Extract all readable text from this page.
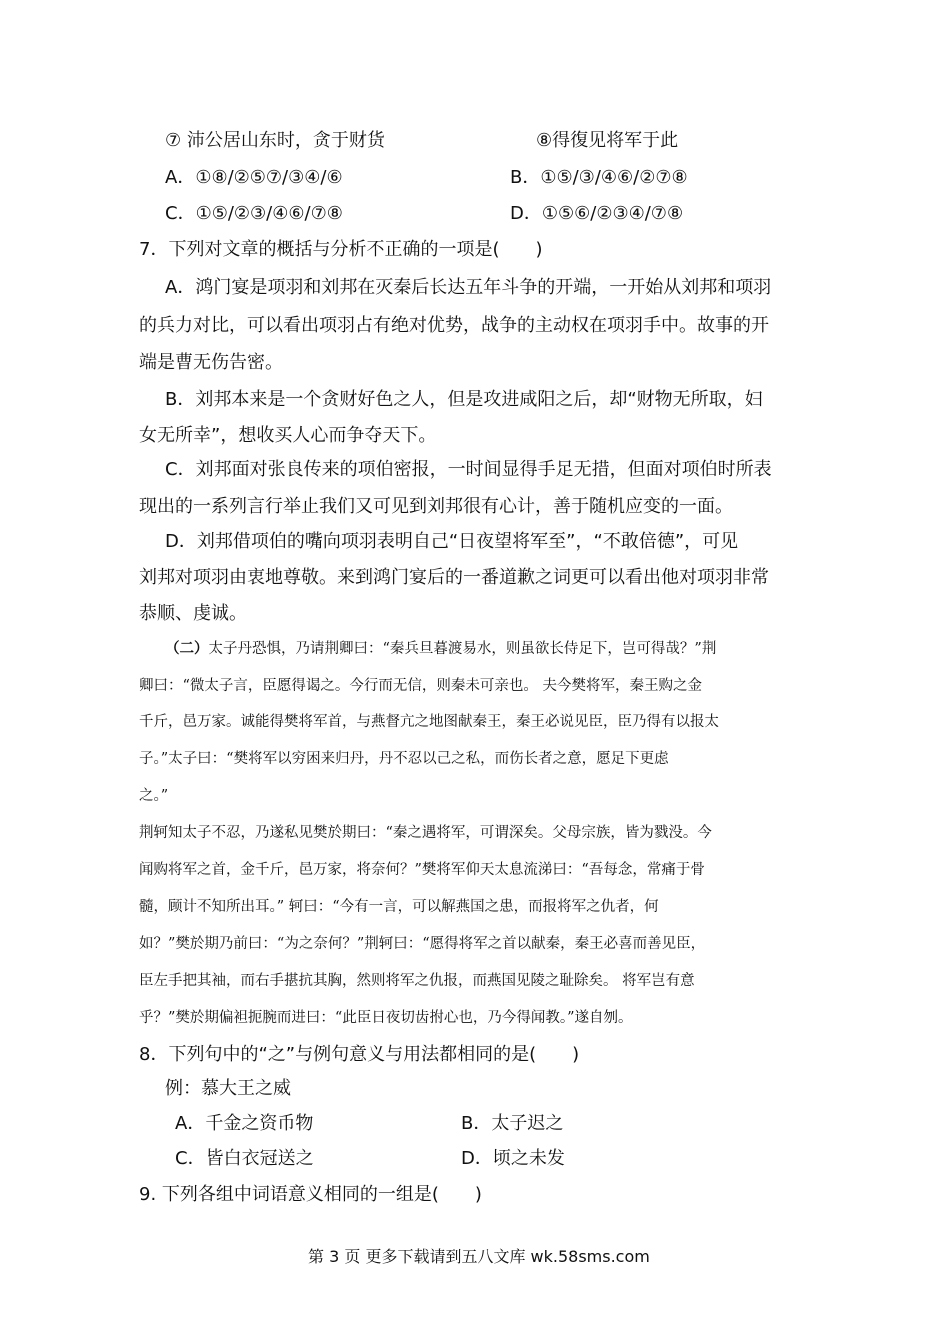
⑦ 沛公居山东时，贪于财货	⑧得復见将军于此
A．①⑧/②⑤⑦/③④/⑥	B．①⑤/③/④⑥/②⑦⑧
C．①⑤/②③/④⑥/⑦⑧	D．①⑤⑥/②③④/⑦⑧
7．下列对文章的概括与分析不正确的一项是(　　)
A．鸿门宴是项羽和刘邦在灭秦后长达五年斗争的开端，一开始从刘邦和项羽
的兵力对比，可以看出项羽占有绝对优势，战争的主动权在项羽手中。故事的开
端是曹无伤告密。
B．刘邦本来是一个贪财好色之人，但是攻进咸阳之后，却“财物无所取，妇
女无所幸”，想收买人心而争夺天下。
C．刘邦面对张良传来的项伯密报，一时间显得手足无措，但面对项伯时所表
现出的一系列言行举止我们又可见到刘邦很有心计，善于随机应变的一面。
D．刘邦借项伯的嘴向项羽表明自己“日夜望将军至”，“不敢倍德”，可见
刘邦对项羽由衷地尊敬。来到鸿门宴后的一番道歉之词更可以看出他对项羽非常
恭顺、虔诚。
（二）太子丹恐惧，乃请荆卿曰：“秦兵旦暮渡易水，则虽欲长侍足下，岂可得哉？”荆
卿曰：“微太子言，臣愿得谒之。今行而无信，则秦未可亲也。 夫今樊将军，秦王购之金
千斤，邑万家。诚能得樊将军首，与燕督亢之地图献秦王，秦王必说见臣，臣乃得有以报太
子。”太子曰：“樊将军以穷困来归丹，丹不忍以己之私，而伤长者之意，愿足下更虑
之。”
荆轲知太子不忍，乃遂私见樊於期曰：“秦之遇将军，可谓深矣。父母宗族，皆为戮没。今
闻购将军之首，金千斤，邑万家，将奈何？”樊将军仰天太息流涕曰：“吾每念，常痛于骨
髓，顾计不知所出耳。” 轲曰：“今有一言，可以解燕国之患，而报将军之仇者，何
如？”樊於期乃前曰：“为之奈何？”荆轲曰：“愿得将军之首以献秦，秦王必喜而善见臣，
臣左手把其袖，而右手揕抗其胸，然则将军之仇报，而燕国见陵之耻除矣。 将军岂有意
乎？”樊於期偏袒扼腕而进曰：“此臣日夜切齿拊心也，乃今得闻教。”遂自刎。
8．下列句中的“之”与例句意义与用法都相同的是(　　)
例：慕大王之威
A．千金之资币物	B．太子迟之
C．皆白衣冠送之	D．顷之未发
9. 下列各组中词语意义相同的一组是(　　)
第 3 页 更多下载请到五八文库 wk.58sms.com
